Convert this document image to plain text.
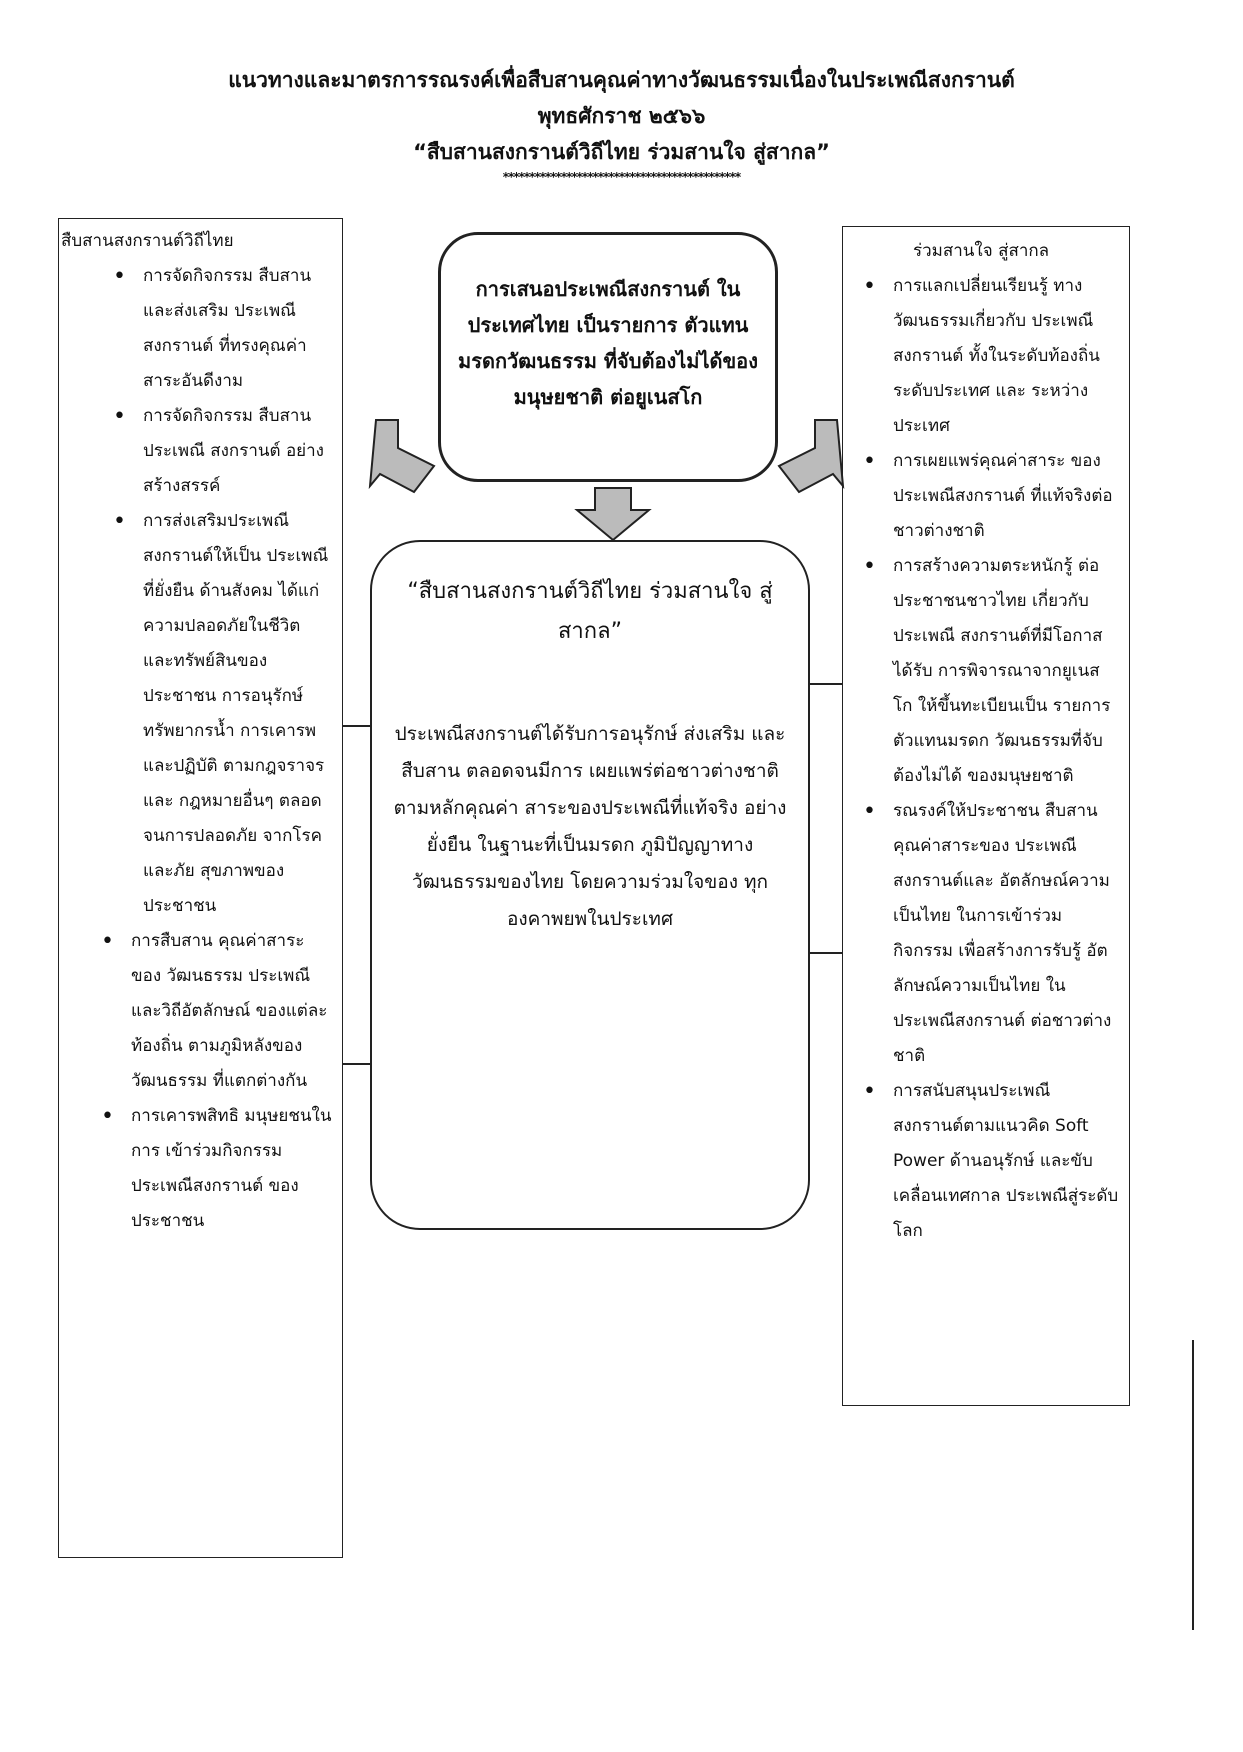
แนวทางและมาตรการรณรงค์เพื่อสืบสานคุณค่าทางวัฒนธรรมเนื่องในประเพณีสงกรานต์
พุทธศักราช ๒๕๖๖
“สืบสานสงกรานต์วิถีไทย ร่วมสานใจ สู่สากล”
*********************************************
สืบสานสงกรานต์วิถีไทย
• การจัดกิจกรรม สืบสานและส่งเสริม ประเพณีสงกรานต์ ที่ทรงคุณค่า สาระอันดีงาม
• การจัดกิจกรรม สืบสานประเพณี สงกรานต์ อย่างสร้างสรรค์
• การส่งเสริมประเพณี สงกรานต์ให้เป็น ประเพณีที่ยั่งยืน ด้านสังคม ได้แก่ ความปลอดภัยในชีวิต และทรัพย์สินของ ประชาชน การอนุรักษ์ ทรัพยากรน้ำ การเคารพและปฏิบัติ ตามกฎจราจรและ กฎหมายอื่นๆ ตลอดจนการปลอดภัย จากโรคและภัย สุขภาพของประชาชน
• การสืบสาน คุณค่าสาระของ วัฒนธรรม ประเพณี และวิถีอัตลักษณ์ ของแต่ละท้องถิ่น ตามภูมิหลังของ วัฒนธรรม ที่แตกต่างกัน
• การเคารพสิทธิ มนุษยชนในการ เข้าร่วมกิจกรรม ประเพณีสงกรานต์ ของประชาชน
ร่วมสานใจ สู่สากล
• การแลกเปลี่ยนเรียนรู้ ทางวัฒนธรรมเกี่ยวกับ ประเพณีสงกรานต์ ทั้งในระดับท้องถิ่น ระดับประเทศ และ ระหว่างประเทศ
• การเผยแพร่คุณค่าสาระ ของประเพณีสงกรานต์ ที่แท้จริงต่อชาวต่างชาติ
• การสร้างความตระหนักรู้ ต่อประชาชนชาวไทย เกี่ยวกับประเพณี สงกรานต์ที่มีโอกาสได้รับ การพิจารณาจากยูเนสโก ให้ขึ้นทะเบียนเป็น รายการตัวแทนมรดก วัฒนธรรมที่จับต้องไม่ได้ ของมนุษยชาติ
• รณรงค์ให้ประชาชน สืบสานคุณค่าสาระของ ประเพณีสงกรานต์และ อัตลักษณ์ความเป็นไทย ในการเข้าร่วมกิจกรรม เพื่อสร้างการรับรู้ อัตลักษณ์ความเป็นไทย ในประเพณีสงกรานต์ ต่อชาวต่างชาติ
• การสนับสนุนประเพณี สงกรานต์ตามแนวคิด Soft Power ด้านอนุรักษ์ และขับเคลื่อนเทศกาล ประเพณีสู่ระดับโลก
การเสนอประเพณีสงกรานต์ ในประเทศไทย เป็นรายการ ตัวแทนมรดกวัฒนธรรม ที่จับต้องไม่ได้ของมนุษยชาติ ต่อยูเนสโก
“สืบสานสงกรานต์วิถีไทย ร่วมสานใจ สู่สากล”
ประเพณีสงกรานต์ได้รับการอนุรักษ์ ส่งเสริม และสืบสาน ตลอดจนมีการ เผยแพร่ต่อชาวต่างชาติตามหลักคุณค่า สาระของประเพณีที่แท้จริง อย่างยั่งยืน ในฐานะที่เป็นมรดก ภูมิปัญญาทางวัฒนธรรมของไทย โดยความร่วมใจของ ทุกองคาพยพในประเทศ
